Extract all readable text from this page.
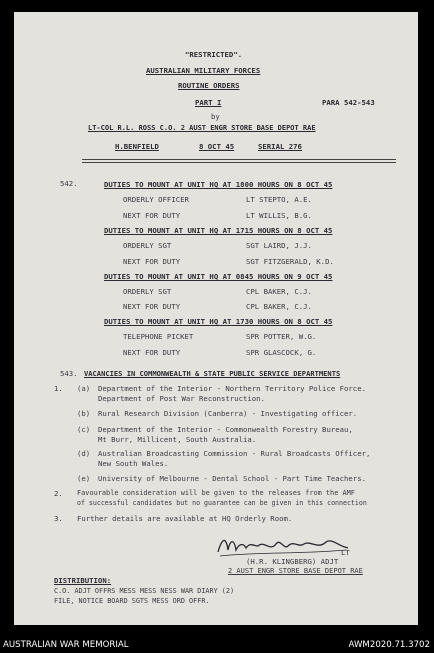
"RESTRICTED".
AUSTRALIAN MILITARY FORCES
ROUTINE ORDERS
PART I	PARA 542-543
by
LT-COL R.L. ROSS C.O. 2 AUST ENGR STORE BASE DEPOT RAE
H.BENFIELD	8 OCT 45	SERIAL 276
542.	DUTIES TO MOUNT AT UNIT HQ AT 1800 HOURS ON 8 OCT 45
ORDERLY OFFICER	LT STEPTO, A.E.
NEXT FOR DUTY	LT WILLIS, B.G.
DUTIES TO MOUNT AT UNIT HQ AT 1715 HOURS ON 8 OCT 45
ORDERLY SGT	SGT LAIRD, J.J.
NEXT FOR DUTY	SGT FITZGERALD, K.D.
DUTIES TO MOUNT AT UNIT HQ AT 0845 HOURS ON 9 OCT 45
ORDERLY SGT	CPL BAKER, C.J.
NEXT FOR DUTY	CPL BAKER, C.J.
DUTIES TO MOUNT AT UNIT HQ AT 1730 HOURS ON 8 OCT 45
TELEPHONE PICKET	SPR POTTER, W.G.
NEXT FOR DUTY	SPR GLASCOCK, G.
543. VACANCIES IN COMMONWEALTH & STATE PUBLIC SERVICE DEPARTMENTS
1. (a) Department of the Interior - Northern Territory Police Force.
Department of Post War Reconstruction.
(b) Rural Research Division (Canberra) - Investigating officer.
(c) Department of the Interior - Commonwealth Forestry Bureau,
Mt Burr, Millicent, South Australia.
(d) Australian Broadcasting Commission - Rural Broadcasts Officer,
New South Wales.
(e) University of Melbourne - Dental School - Part Time Teachers.
2. Favourable consideration will be given to the releases from the AMF
of successful candidates but no guarantee can be given in this connection
3. Further details are available at HQ Orderly Room.
LT
(H.R. KLINGBERG) ADJT
2 AUST ENGR STORE BASE DEPOT RAE
DISTRIBUTION:
C.O. ADJT OFFRS MESS MESS NESS WAR DIARY (2)
FILE, NOTICE BOARD SGTS MESS ORD OFFR.
AUSTRALIAN WAR MEMORIAL	AWM2020.71.3702
